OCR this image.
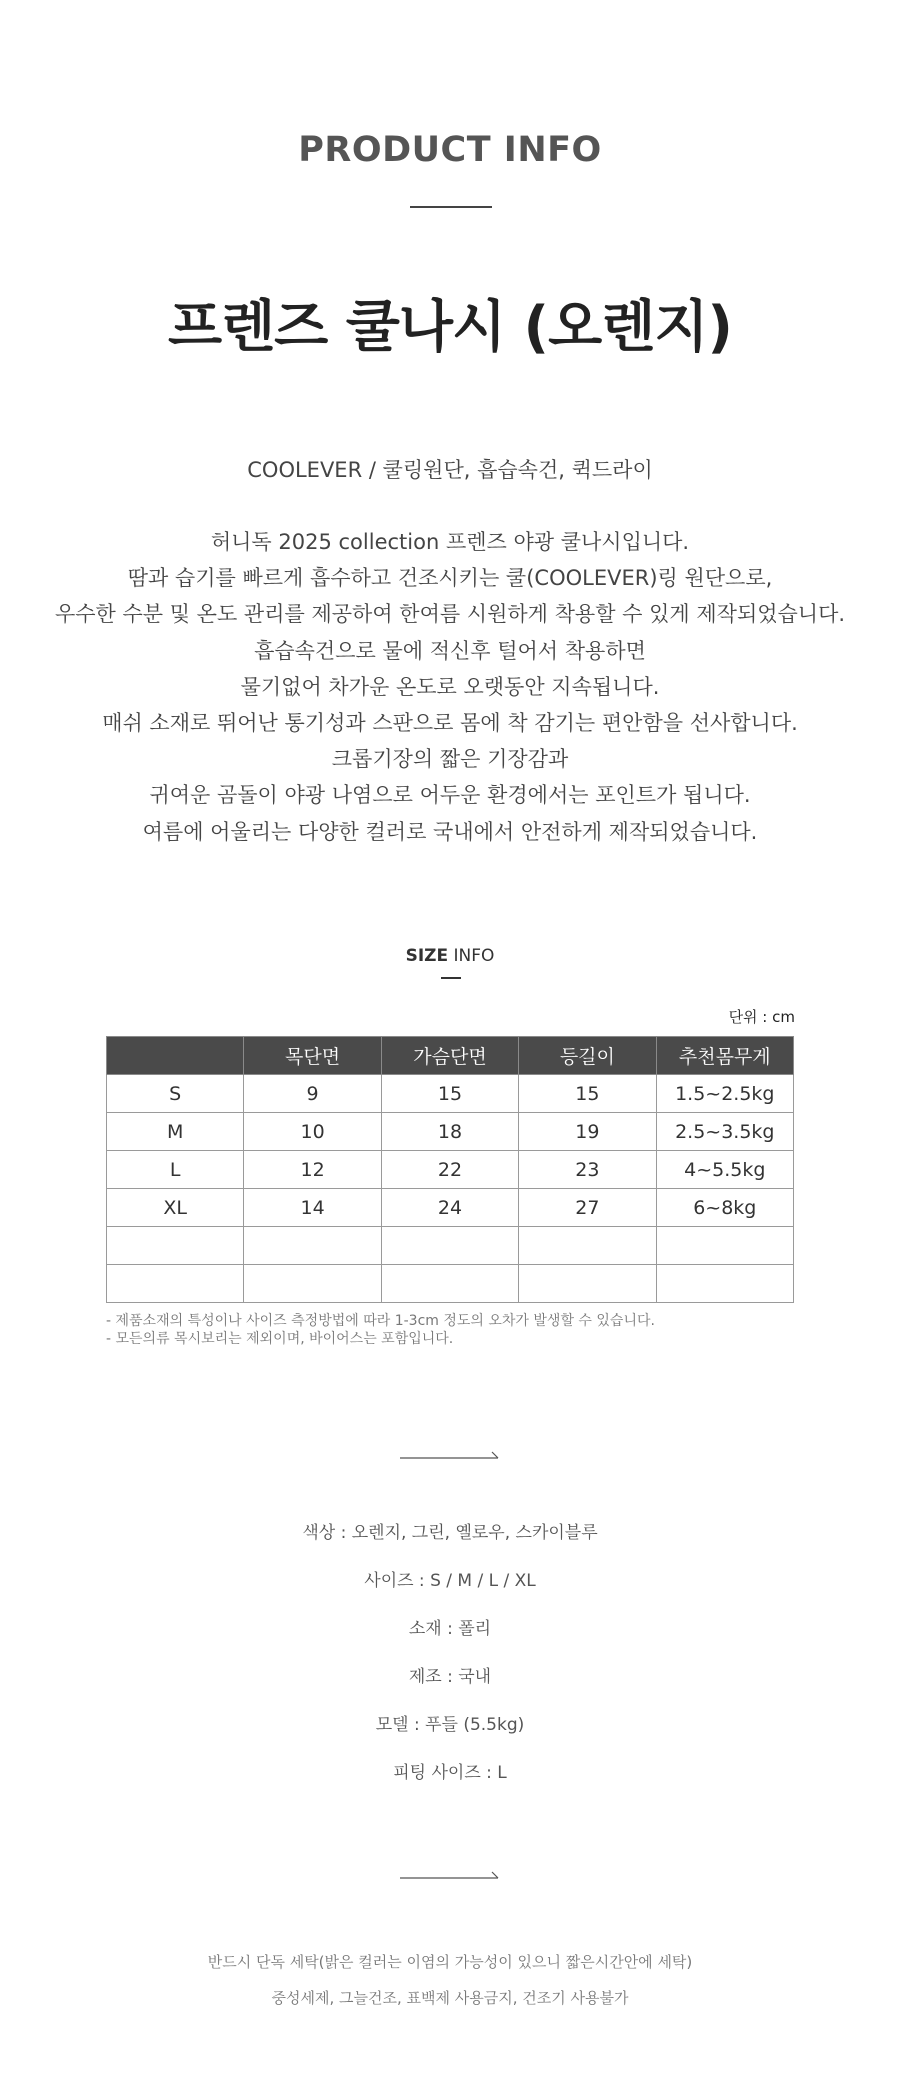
PRODUCT INFO
프렌즈 쿨나시 (오렌지)
COOLEVER / 쿨링원단, 흡습속건, 퀵드라이
허니독 2025 collection 프렌즈 야광 쿨나시입니다.
땀과 습기를 빠르게 흡수하고 건조시키는 쿨(COOLEVER)링 원단으로,
우수한 수분 및 온도 관리를 제공하여 한여름 시원하게 착용할 수 있게 제작되었습니다.
흡습속건으로 물에 적신후 털어서 착용하면
물기없어 차가운 온도로 오랫동안 지속됩니다.
매쉬 소재로 뛰어난 통기성과 스판으로 몸에 착 감기는 편안함을 선사합니다.
크롭기장의 짧은 기장감과
귀여운 곰돌이 야광 나염으로 어두운 환경에서는 포인트가 됩니다.
여름에 어울리는 다양한 컬러로 국내에서 안전하게 제작되었습니다.
SIZE INFO
단위 : cm
	목단면	가슴단면	등길이	추천몸무게
S	9	15	15	1.5~2.5kg
M	10	18	19	2.5~3.5kg
L	12	22	23	4~5.5kg
XL	14	24	27	6~8kg

- 제품소재의 특성이나 사이즈 측정방법에 따라 1-3cm 정도의 오차가 발생할 수 있습니다.
- 모든의류 목시보리는 제외이며, 바이어스는 포함입니다.
색상 : 오렌지, 그린, 옐로우, 스카이블루
사이즈 : S / M / L / XL
소재 : 폴리
제조 : 국내
모델 : 푸들 (5.5kg)
피팅 사이즈 : L
반드시 단독 세탁(밝은 컬러는 이염의 가능성이 있으니 짧은시간안에 세탁)
중성세제, 그늘건조, 표백제 사용금지, 건조기 사용불가
